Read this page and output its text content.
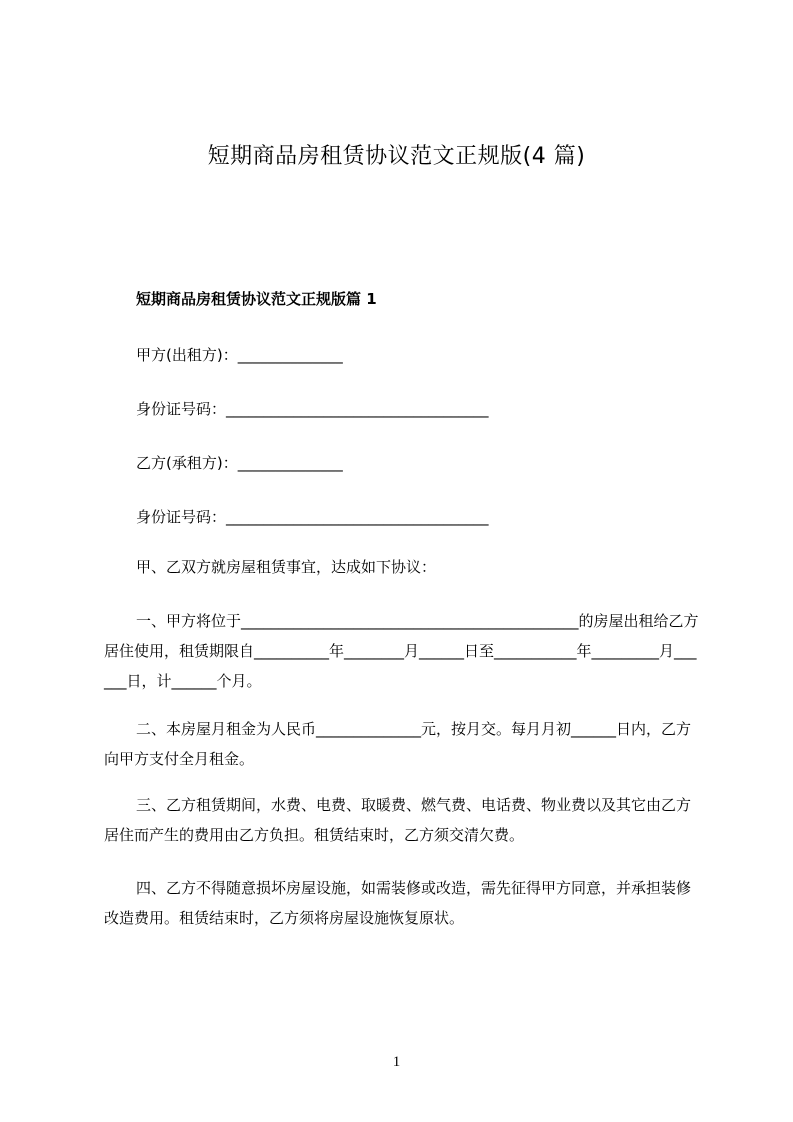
短期商品房租赁协议范文正规版(4 篇)
短期商品房租赁协议范文正规版篇 1
甲方(出租方)：______________
身份证号码：___________________________________
乙方(承租方)：______________
身份证号码：___________________________________
甲、乙双方就房屋租赁事宜，达成如下协议：
一、甲方将位于_____________________________________________的房屋出租给乙方居住使用，租赁期限自__________年________月______日至___________年_________月______日，计______个月。
二、本房屋月租金为人民币______________元，按月交。每月月初______日内，乙方向甲方支付全月租金。
三、乙方租赁期间，水费、电费、取暖费、燃气费、电话费、物业费以及其它由乙方居住而产生的费用由乙方负担。租赁结束时，乙方须交清欠费。
四、乙方不得随意损坏房屋设施，如需装修或改造，需先征得甲方同意，并承担装修改造费用。租赁结束时，乙方须将房屋设施恢复原状。
1
